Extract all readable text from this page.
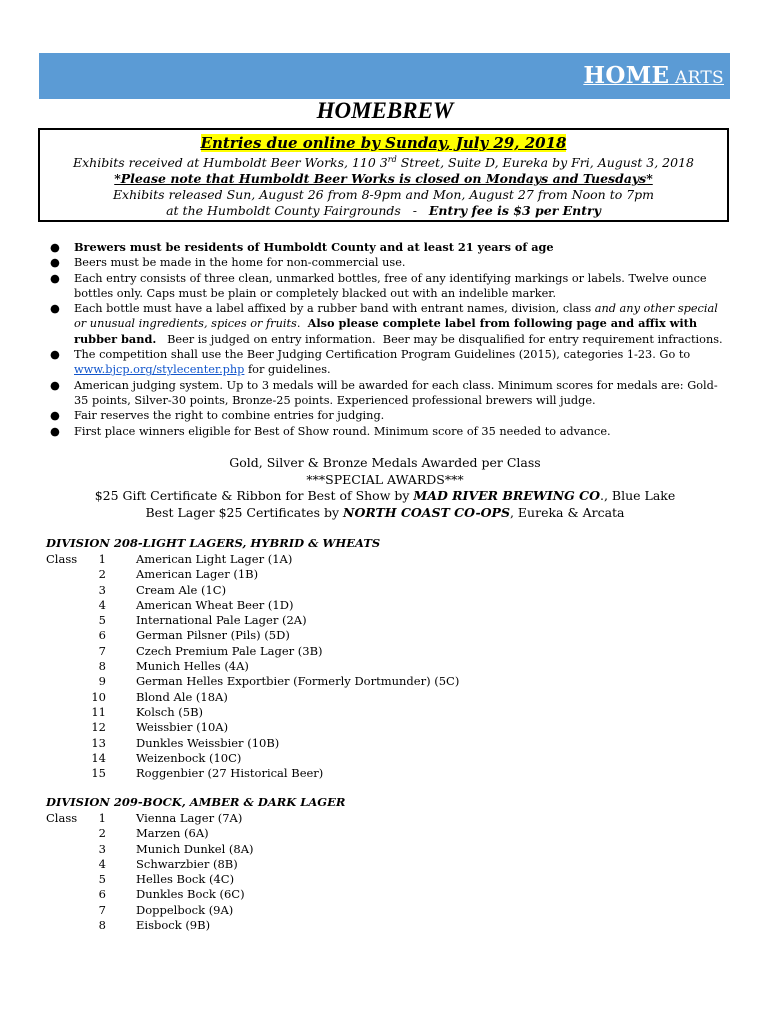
HOME ARTS
HOMEBREW
Entries due online by Sunday, July 29, 2018
Exhibits received at Humboldt Beer Works, 110 3rd Street, Suite D, Eureka by Fri, August 3, 2018
*Please note that Humboldt Beer Works is closed on Mondays and Tuesdays*
Exhibits released Sun, August 26 from 8-9pm and Mon, August 27 from Noon to 7pm
at the Humboldt County Fairgrounds   -   Entry fee is $3 per Entry
● Brewers must be residents of Humboldt County and at least 21 years of age
● Beers must be made in the home for non-commercial use.
● Each entry consists of three clean, unmarked bottles, free of any identifying markings or labels. Twelve ounce bottles only. Caps must be plain or completely blacked out with an indelible marker.
● Each bottle must have a label affixed by a rubber band with entrant names, division, class and any other special or unusual ingredients, spices or fruits.  Also please complete label from following page and affix with rubber band.   Beer is judged on entry information.  Beer may be disqualified for entry requirement infractions.
● The competition shall use the Beer Judging Certification Program Guidelines (2015), categories 1-23. Go to www.bjcp.org/stylecenter.php for guidelines.
● American judging system. Up to 3 medals will be awarded for each class. Minimum scores for medals are: Gold-35 points, Silver-30 points, Bronze-25 points. Experienced professional brewers will judge.
● Fair reserves the right to combine entries for judging.
● First place winners eligible for Best of Show round. Minimum score of 35 needed to advance.
Gold, Silver & Bronze Medals Awarded per Class
***SPECIAL AWARDS***
$25 Gift Certificate & Ribbon for Best of Show by MAD RIVER BREWING CO., Blue Lake
Best Lager $25 Certificates by NORTH COAST CO-OPS, Eureka & Arcata
DIVISION 208-LIGHT LAGERS, HYBRID & WHEATS
Class	1	American Light Lager (1A)
2	American Lager (1B)
3	Cream Ale (1C)
4	American Wheat Beer (1D)
5	International Pale Lager (2A)
6	German Pilsner (Pils) (5D)
7	Czech Premium Pale Lager (3B)
8	Munich Helles (4A)
9	German Helles Exportbier (Formerly Dortmunder) (5C)
10	Blond Ale (18A)
11	Kolsch (5B)
12	Weissbier (10A)
13	Dunkles Weissbier (10B)
14	Weizenbock (10C)
15	Roggenbier (27 Historical Beer)
DIVISION 209-BOCK, AMBER & DARK LAGER
Class	1	Vienna Lager (7A)
2	Marzen (6A)
3	Munich Dunkel (8A)
4	Schwarzbier (8B)
5	Helles Bock (4C)
6	Dunkles Bock (6C)
7	Doppelbock (9A)
8	Eisbock (9B)
